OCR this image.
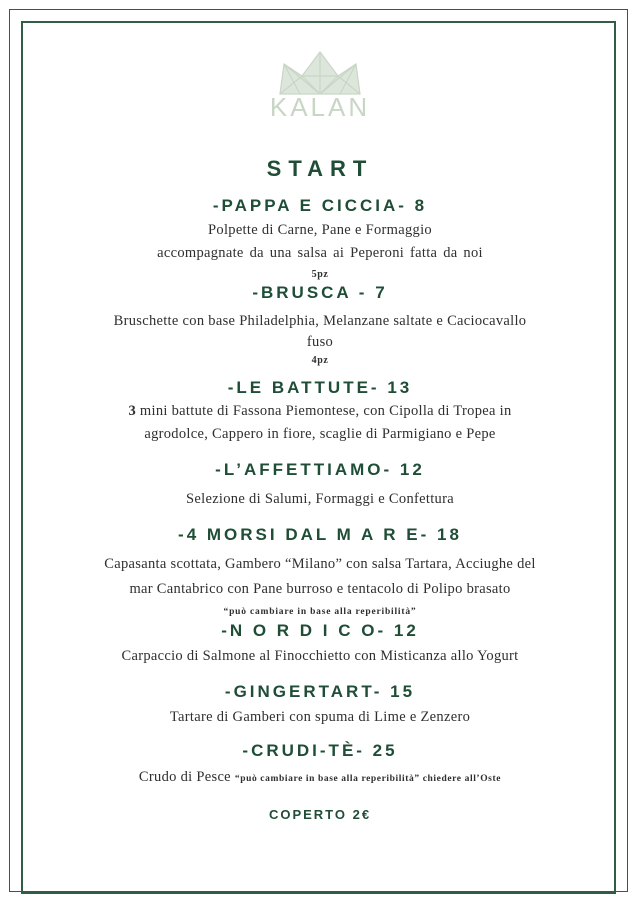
KALAN
START
-PAPPA E CICCIA- 8
Polpette di Carne, Pane e Formaggio
accompagnate da una salsa ai Peperoni fatta da noi
5pz
-BRUSCA - 7
Bruschette con base Philadelphia, Melanzane saltate e Caciocavallo
fuso
4pz
-LE BATTUTE- 13
3 mini battute di Fassona Piemontese, con Cipolla di Tropea in
agrodolce, Cappero in fiore, scaglie di Parmigiano e Pepe
-L’AFFETTIAMO- 12
Selezione di Salumi, Formaggi e Confettura
-4 MORSI DAL M A R E- 18
Capasanta scottata, Gambero “Milano” con salsa Tartara, Acciughe del
mar Cantabrico con Pane burroso e tentacolo di Polipo brasato
“può cambiare in base alla reperibilità”
-N O R D I C O- 12
Carpaccio di Salmone al Finocchietto con Misticanza allo Yogurt
-GINGERTART- 15
Tartare di Gamberi con spuma di Lime e Zenzero
-CRUDI-TÈ- 25
Crudo di Pesce “può cambiare in base alla reperibilità” chiedere all’Oste
COPERTO 2€
